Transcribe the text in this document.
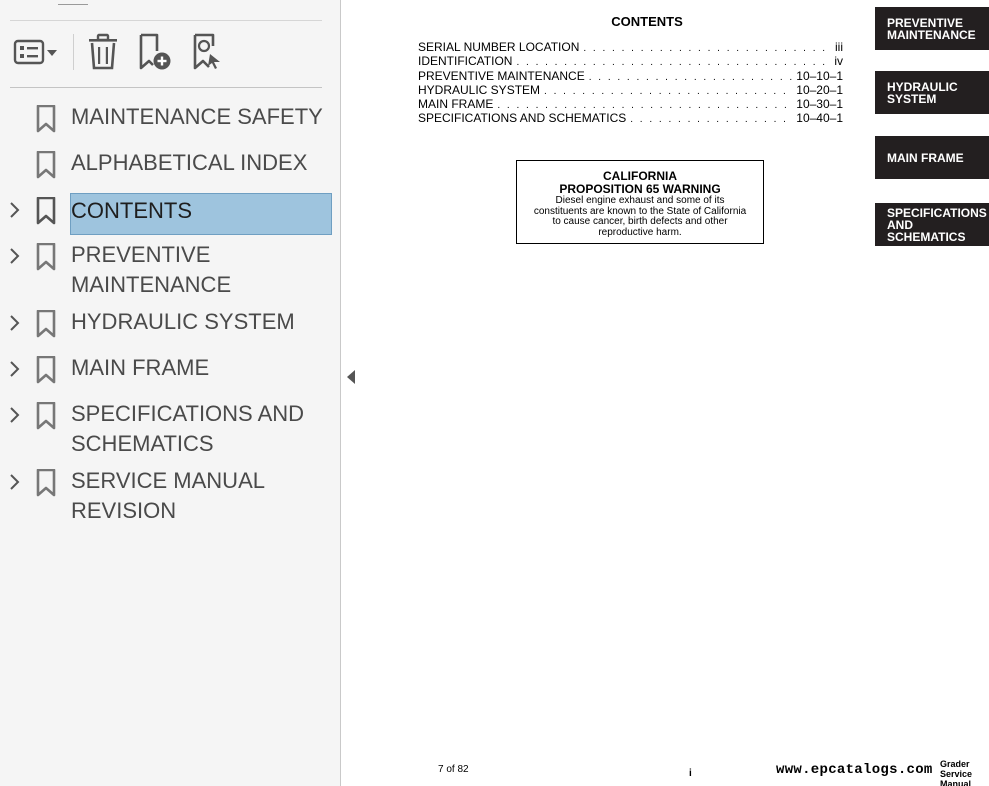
MAINTENANCE SAFETY
ALPHABETICAL INDEX
CONTENTS
PREVENTIVE
MAINTENANCE
HYDRAULIC SYSTEM
MAIN FRAME
SPECIFICATIONS AND
SCHEMATICS
SERVICE MANUAL
REVISION
CONTENTS
SERIAL NUMBER LOCATION . . .	iii
IDENTIFICATION . . .	iv
PREVENTIVE MAINTENANCE . . .	10–10–1
HYDRAULIC SYSTEM . . .	10–20–1
MAIN FRAME . . .	10–30–1
SPECIFICATIONS AND SCHEMATICS . . .	10–40–1
CALIFORNIA
PROPOSITION 65 WARNING
Diesel engine exhaust and some of its
constituents are known to the State of California
to cause cancer, birth defects and other
reproductive harm.
PREVENTIVE
MAINTENANCE
HYDRAULIC
SYSTEM
MAIN FRAME
SPECIFICATIONS
AND
SCHEMATICS
7 of 82	i
Grader
Service Manual
www.epcatalogs.com
